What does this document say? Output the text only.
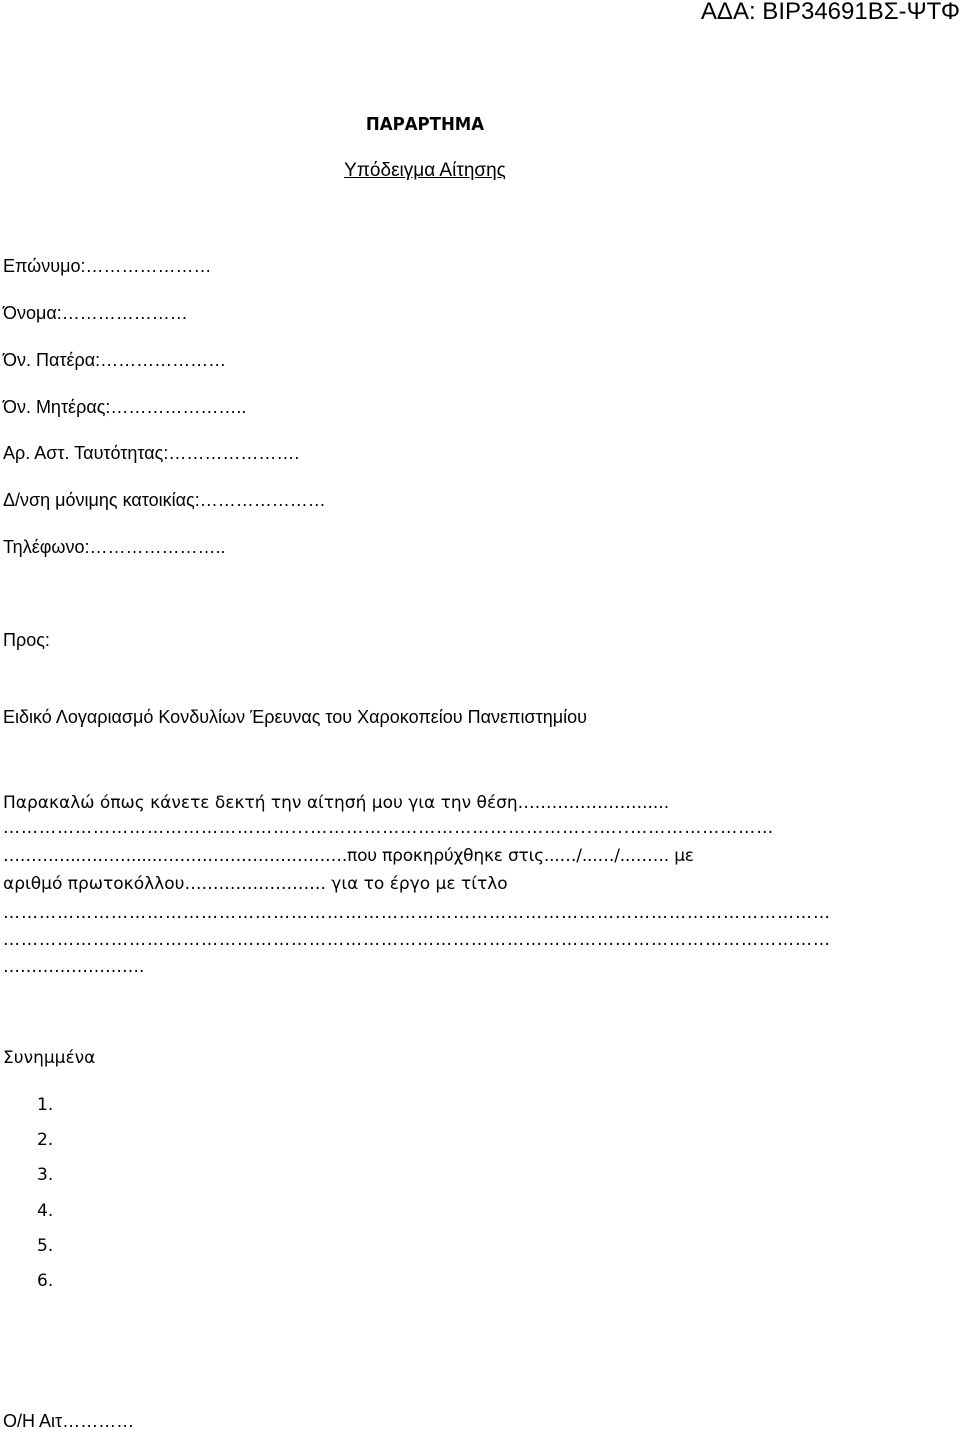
ΑΔΑ: ΒΙΡ34691ΒΣ-ΨΤΦ
ΠΑΡΑΡΤΗΜΑ
Υπόδειγμα Αίτησης
Επώνυμο:…………………
Όνομα:…………………
Όν. Πατέρα:…………………
Όν. Μητέρας:…………………..
Αρ. Αστ. Ταυτότητας:………………….
Δ/νση μόνιμης κατοικίας:…………………
Τηλέφωνο:…………………..
Προς:
Ειδικό Λογαριασμό Κονδυλίων Έρευνας του Χαροκοπείου Πανεπιστημίου
Παρακαλώ όπως κάνετε δεκτή την αίτησή μου για την θέση…………………......
…………………………………………...………………………………………...…..……………………
…………..……….....…………………………….που προκηρύχθηκε στις...…/...…/..……. με
αριθμό πρωτοκόλλου……………………. για το έργο με τίτλο
…………………………………………………………………………………………………………………………
…………………………………………………………………………………………………………………………
…………………….
Συνημμένα
1.
2.
3.
4.
5.
6.
Ο/Η Αιτ…………
